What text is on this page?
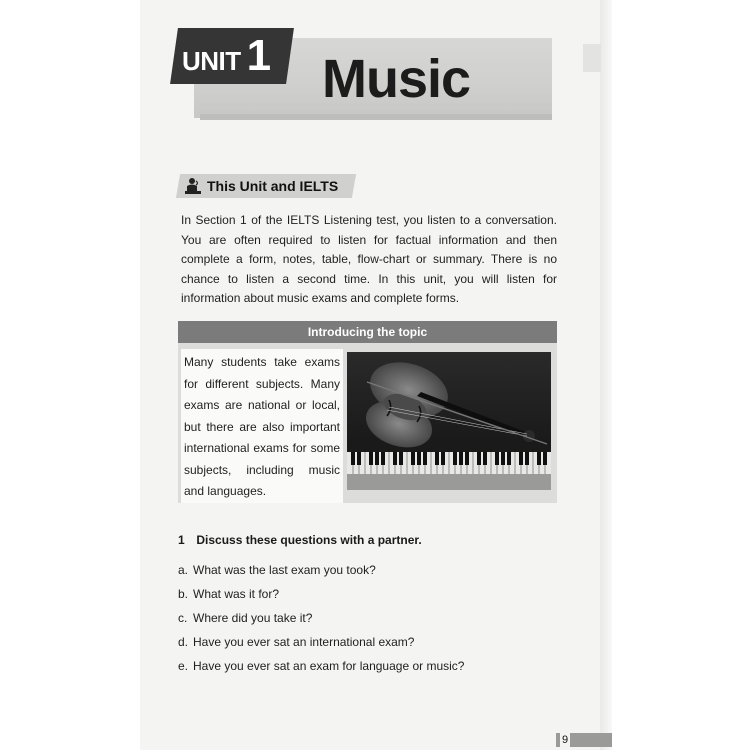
UNIT 1 Music
This Unit and IELTS
In Section 1 of the IELTS Listening test, you listen to a conversation. You are often required to listen for factual information and then complete a form, notes, table, flow-chart or summary. There is no chance to listen a second time. In this unit, you will listen for information about music exams and complete forms.
Introducing the topic
Many students take exams for different subjects. Many exams are national or local, but there are also important international exams for some subjects, including music and languages.
1 Discuss these questions with a partner.
a. What was the last exam you took?
b. What was it for?
c. Where did you take it?
d. Have you ever sat an international exam?
e. Have you ever sat an exam for language or music?
9
